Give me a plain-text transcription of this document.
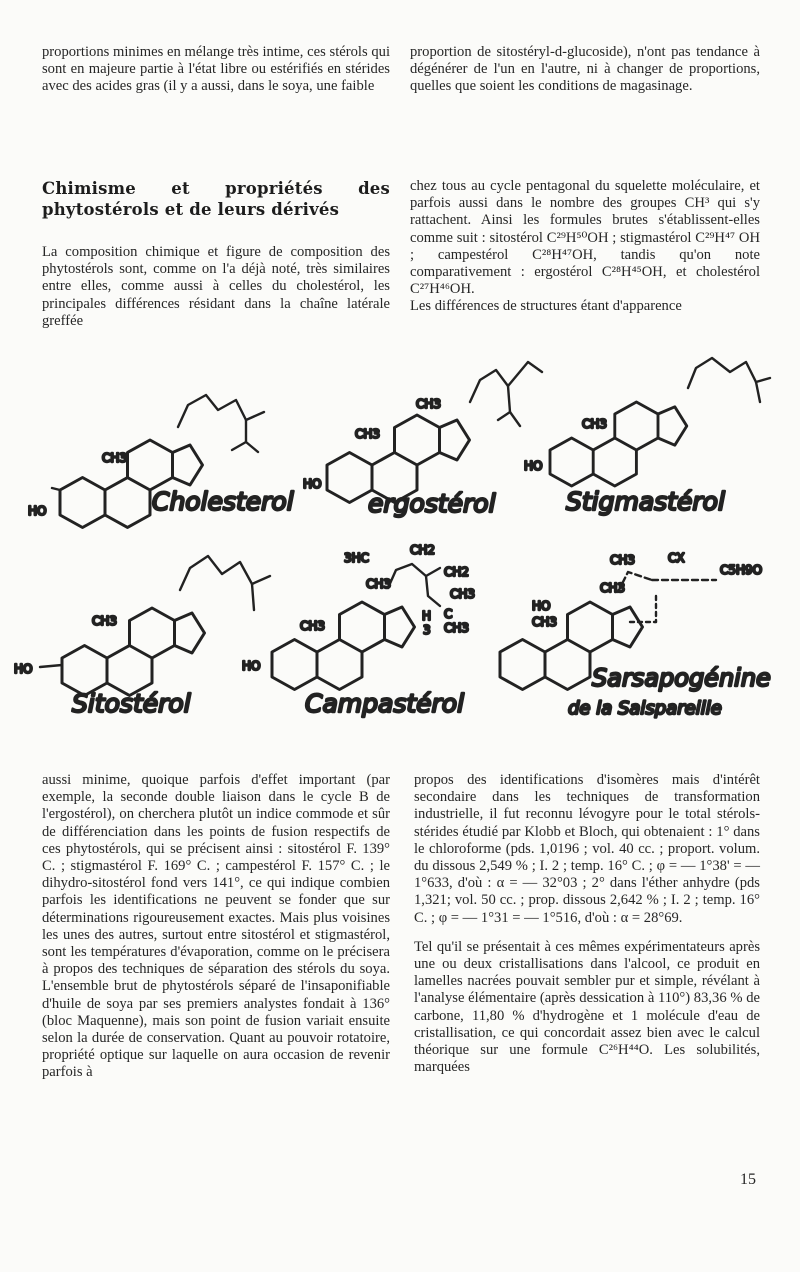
proportions minimes en mélange très intime, ces stérols qui sont en majeure partie à l'état libre ou estérifiés en stérides avec des acides gras (il y a aussi, dans le soya, une faible

proportion de sitostéryl-d-glucoside), n'ont pas tendance à dégénérer de l'un en l'autre, ni à changer de proportions, quelles que soient les conditions de magasinage.

Chimisme et propriétés des phytostérols et de leurs dérivés

La composition chimique et figure de composition des phytostérols sont, comme on l'a déjà noté, très similaires entre elles, comme aussi à celles du cholestérol, les principales différences résidant dans la chaîne latérale greffée

chez tous au cycle pentagonal du squelette moléculaire, et parfois aussi dans le nombre des groupes CH³ qui s'y rattachent. Ainsi les formules brutes s'établissent-elles comme suit : sitostérol C²⁹H⁵⁰OH ; stigmastérol C²⁹H⁴⁷ OH ; campestérol C²⁸H⁴⁷OH, tandis qu'on note comparativement : ergostérol C²⁸H⁴⁵OH, et cholestérol C²⁷H⁴⁶OH.

Les différences de structures étant d'apparence

HO
CH3
Cholesterol
HO
CH3
CH3
ergostérol
HO
CH3
Stigmastérol
HO
CH3
Sitostérol
HO
CH3
CH3
3HC
CH2
CH2
CH3
C
CH3
H
3
Campastérol
CH3	CX
C5H9O
CH3
HO
CH3
Sarsapogénine
de la Salspareille

aussi minime, quoique parfois d'effet important (par exemple, la seconde double liaison dans le cycle B de l'ergostérol), on cherchera plutôt un indice commode et sûr de différenciation dans les points de fusion respectifs de ces phytostérols, qui se précisent ainsi : sitostérol F. 139° C. ; stigmastérol F. 169° C. ; campestérol F. 157° C. ; le dihydro-sitostérol fond vers 141°, ce qui indique combien parfois les identifications ne peuvent se fonder que sur déterminations rigoureusement exactes. Mais plus voisines les unes des autres, surtout entre sitostérol et stigmastérol, sont les températures d'évaporation, comme on le précisera à propos des techniques de séparation des stérols du soya. L'ensemble brut de phytostérols séparé de l'insaponifiable d'huile de soya par ses premiers analystes fondait à 136° (bloc Maquenne), mais son point de fusion variait ensuite selon la durée de conservation. Quant au pouvoir rotatoire, propriété optique sur laquelle on aura occasion de revenir parfois à

propos des identifications d'isomères mais d'intérêt secondaire dans les techniques de transformation industrielle, il fut reconnu lévogyre pour le total stérols-stérides étudié par Klobb et Bloch, qui obtenaient : 1° dans le chloroforme (pds. 1,0196 ; vol. 40 cc. ; proport. volum. du dissous 2,549 % ; I. 2 ; temp. 16° C. ; φ = — 1°38' = — 1°633, d'où : α = — 32°03 ; 2° dans l'éther anhydre (pds 1,321; vol. 50 cc. ; prop. dissous 2,642 % ; I. 2 ; temp. 16° C. ; φ = — 1°31 = — 1°516, d'où : α = 28°69.

Tel qu'il se présentait à ces mêmes expérimentateurs après une ou deux cristallisations dans l'alcool, ce produit en lamelles nacrées pouvait sembler pur et simple, révélant à l'analyse élémentaire (après dessication à 110°) 83,36 % de carbone, 11,80 % d'hydrogène et 1 molécule d'eau de cristallisation, ce qui concordait assez bien avec le calcul théorique sur une formule C²⁶H⁴⁴O. Les solubilités, marquées

15
